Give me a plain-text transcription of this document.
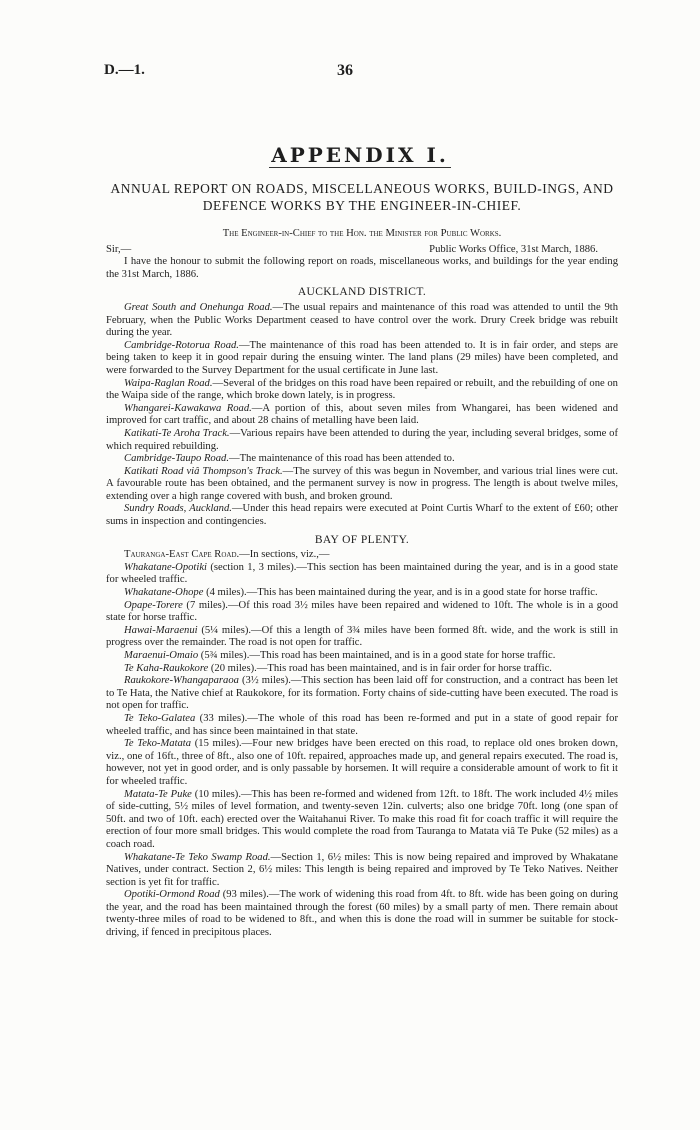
D.—1.	36
APPENDIX I.
ANNUAL REPORT ON ROADS, MISCELLANEOUS WORKS, BUILD-INGS, AND DEFENCE WORKS BY THE ENGINEER-IN-CHIEF.

The Engineer-in-Chief to the Hon. the Minister for Public Works.

Sir,—	Public Works Office, 31st March, 1886.

I have the honour to submit the following report on roads, miscellaneous works, and buildings for the year ending the 31st March, 1886.

AUCKLAND DISTRICT.

Great South and Onehunga Road.—The usual repairs and maintenance of this road was attended to until the 9th February, when the Public Works Department ceased to have control over the work. Drury Creek bridge was rebuilt during the year.

Cambridge-Rotorua Road.—The maintenance of this road has been attended to. It is in fair order, and steps are being taken to keep it in good repair during the ensuing winter. The land plans (29 miles) have been completed, and were forwarded to the Survey Department for the usual certificate in June last.

Waipa-Raglan Road.—Several of the bridges on this road have been repaired or rebuilt, and the rebuilding of one on the Waipa side of the range, which broke down lately, is in progress.

Whangarei-Kawakawa Road.—A portion of this, about seven miles from Whangarei, has been widened and improved for cart traffic, and about 28 chains of metalling have been laid.

Katikati-Te Aroha Track.—Various repairs have been attended to during the year, including several bridges, some of which required rebuilding.

Cambridge-Taupo Road.—The maintenance of this road has been attended to.

Katikati Road viâ Thompson's Track.—The survey of this was begun in November, and various trial lines were cut. A favourable route has been obtained, and the permanent survey is now in progress. The length is about twelve miles, extending over a high range covered with bush, and broken ground.

Sundry Roads, Auckland.—Under this head repairs were executed at Point Curtis Wharf to the extent of £60; other sums in inspection and contingencies.

BAY OF PLENTY.

Tauranga-East Cape Road.—In sections, viz.,—

Whakatane-Opotiki (section 1, 3 miles).—This section has been maintained during the year, and is in a good state for wheeled traffic.

Whakatane-Ohope (4 miles).—This has been maintained during the year, and is in a good state for horse traffic.

Opape-Torere (7 miles).—Of this road 3½ miles have been repaired and widened to 10ft. The whole is in a good state for horse traffic.

Hawai-Maraenui (5¼ miles).—Of this a length of 3¾ miles have been formed 8ft. wide, and the work is still in progress over the remainder. The road is not open for traffic.

Maraenui-Omaio (5¾ miles).—This road has been maintained, and is in a good state for horse traffic.

Te Kaha-Raukokore (20 miles).—This road has been maintained, and is in fair order for horse traffic.

Raukokore-Whangaparaoa (3½ miles).—This section has been laid off for construction, and a contract has been let to Te Hata, the Native chief at Raukokore, for its formation. Forty chains of side-cutting have been executed. The road is not open for traffic.

Te Teko-Galatea (33 miles).—The whole of this road has been re-formed and put in a state of good repair for wheeled traffic, and has since been maintained in that state.

Te Teko-Matata (15 miles).—Four new bridges have been erected on this road, to replace old ones broken down, viz., one of 16ft., three of 8ft., also one of 10ft. repaired, approaches made up, and general repairs executed. The road is, however, not yet in good order, and is only passable by horsemen. It will require a considerable amount of work to fit it for wheeled traffic.

Matata-Te Puke (10 miles).—This has been re-formed and widened from 12ft. to 18ft. The work included 4½ miles of side-cutting, 5½ miles of level formation, and twenty-seven 12in. culverts; also one bridge 70ft. long (one span of 50ft. and two of 10ft. each) erected over the Waitahanui River. To make this road fit for coach traffic it will require the erection of four more small bridges. This would complete the road from Tauranga to Matata viâ Te Puke (52 miles) as a coach road.

Whakatane-Te Teko Swamp Road.—Section 1, 6½ miles: This is now being repaired and improved by Whakatane Natives, under contract. Section 2, 6½ miles: This length is being repaired and improved by Te Teko Natives. Neither section is yet fit for traffic.

Opotiki-Ormond Road (93 miles).—The work of widening this road from 4ft. to 8ft. wide has been going on during the year, and the road has been maintained through the forest (60 miles) by a small party of men. There remain about twenty-three miles of road to be widened to 8ft., and when this is done the road will in summer be suitable for stock-driving, if fenced in precipitous places.
